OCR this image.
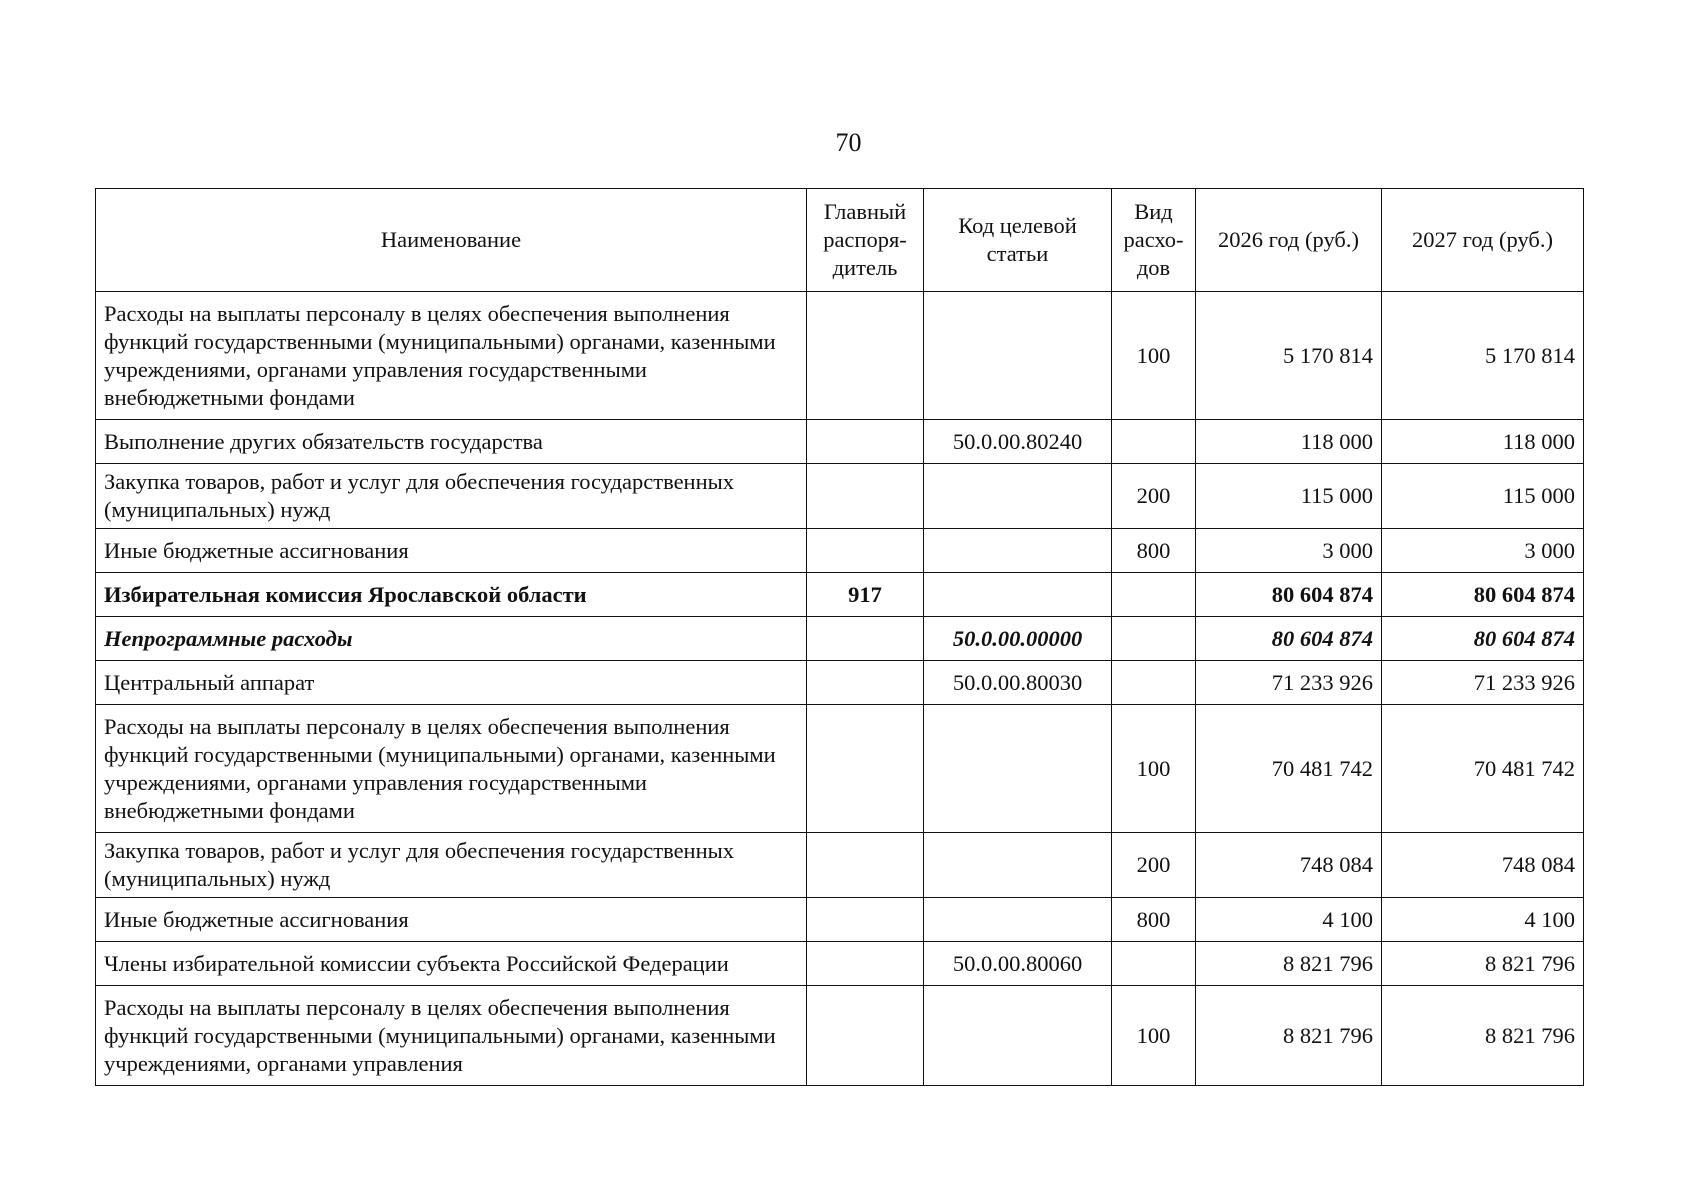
70
Наименование	Главный распоря-дитель	Код целевой статьи	Вид расхо-дов	2026 год (руб.)	2027 год (руб.)
Расходы на выплаты персоналу в целях обеспечения выполнения функций государственными (муниципальными) органами, казенными учреждениями, органами управления государственными внебюджетными фондами			100	5 170 814	5 170 814
Выполнение других обязательств государства		50.0.00.80240		118 000	118 000
Закупка товаров, работ и услуг для обеспечения государственных (муниципальных) нужд			200	115 000	115 000
Иные бюджетные ассигнования			800	3 000	3 000
Избирательная комиссия Ярославской области	917			80 604 874	80 604 874
Непрограммные расходы		50.0.00.00000		80 604 874	80 604 874
Центральный аппарат		50.0.00.80030		71 233 926	71 233 926
Расходы на выплаты персоналу в целях обеспечения выполнения функций государственными (муниципальными) органами, казенными учреждениями, органами управления государственными внебюджетными фондами			100	70 481 742	70 481 742
Закупка товаров, работ и услуг для обеспечения государственных (муниципальных) нужд			200	748 084	748 084
Иные бюджетные ассигнования			800	4 100	4 100
Члены избирательной комиссии субъекта Российской Федерации		50.0.00.80060		8 821 796	8 821 796
Расходы на выплаты персоналу в целях обеспечения выполнения функций государственными (муниципальными) органами, казенными учреждениями, органами управления			100	8 821 796	8 821 796
